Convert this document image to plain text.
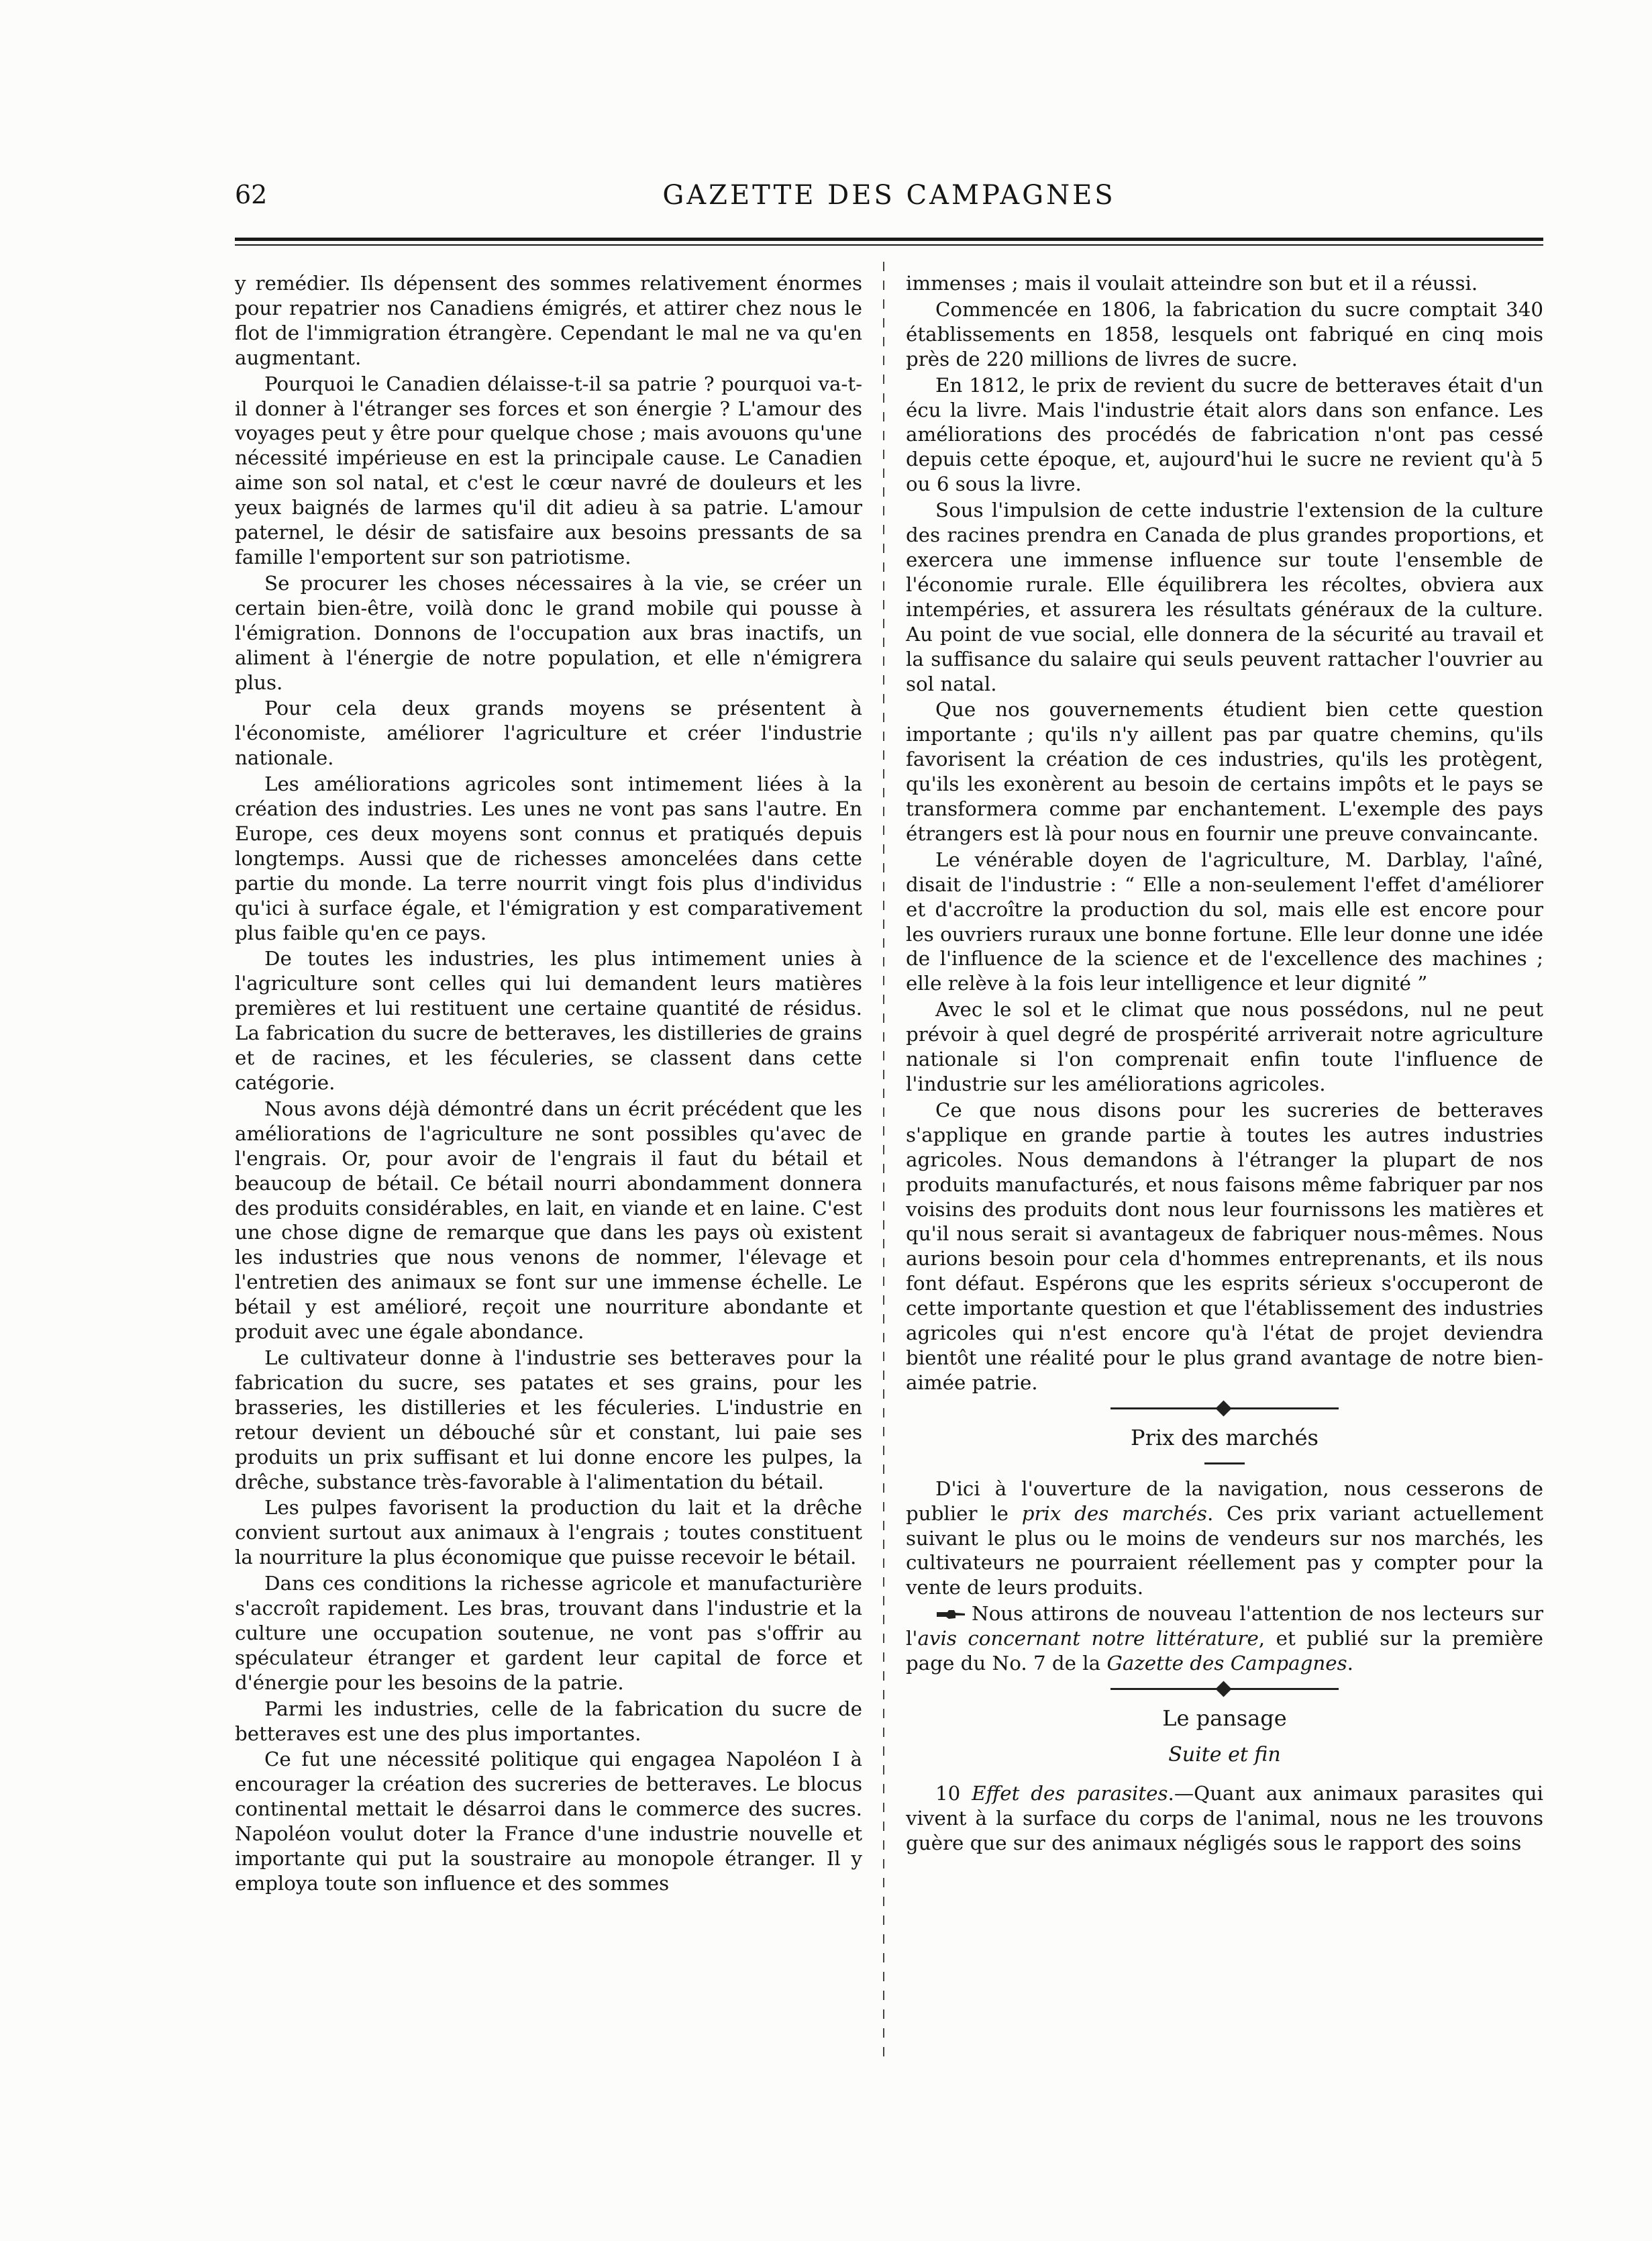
GAZETTE DES CAMPAGNES
62

y remédier. Ils dépensent des sommes relativement énormes pour repatrier nos Canadiens émigrés, et attirer chez nous le flot de l'immigration étrangère. Cependant le mal ne va qu'en augmentant.

Pourquoi le Canadien délaisse-t-il sa patrie ? pourquoi va-t-il donner à l'étranger ses forces et son énergie ? L'amour des voyages peut y être pour quelque chose ; mais avouons qu'une nécessité impérieuse en est la principale cause. Le Canadien aime son sol natal, et c'est le cœur navré de douleurs et les yeux baignés de larmes qu'il dit adieu à sa patrie. L'amour paternel, le désir de satisfaire aux besoins pressants de sa famille l'emportent sur son patriotisme.

Se procurer les choses nécessaires à la vie, se créer un certain bien-être, voilà donc le grand mobile qui pousse à l'émigration. Donnons de l'occupation aux bras inactifs, un aliment à l'énergie de notre population, et elle n'émigrera plus.

Pour cela deux grands moyens se présentent à l'économiste, améliorer l'agriculture et créer l'industrie nationale.

Les améliorations agricoles sont intimement liées à la création des industries. Les unes ne vont pas sans l'autre. En Europe, ces deux moyens sont connus et pratiqués depuis longtemps. Aussi que de richesses amoncelées dans cette partie du monde. La terre nourrit vingt fois plus d'individus qu'ici à surface égale, et l'émigration y est comparativement plus faible qu'en ce pays.

De toutes les industries, les plus intimement unies à l'agriculture sont celles qui lui demandent leurs matières premières et lui restituent une certaine quantité de résidus. La fabrication du sucre de betteraves, les distilleries de grains et de racines, et les féculeries, se classent dans cette catégorie.

Nous avons déjà démontré dans un écrit précédent que les améliorations de l'agriculture ne sont possibles qu'avec de l'engrais. Or, pour avoir de l'engrais il faut du bétail et beaucoup de bétail. Ce bétail nourri abondamment donnera des produits considérables, en lait, en viande et en laine. C'est une chose digne de remarque que dans les pays où existent les industries que nous venons de nommer, l'élevage et l'entretien des animaux se font sur une immense échelle. Le bétail y est amélioré, reçoit une nourriture abondante et produit avec une égale abondance.

Le cultivateur donne à l'industrie ses betteraves pour la fabrication du sucre, ses patates et ses grains, pour les brasseries, les distilleries et les féculeries. L'industrie en retour devient un débouché sûr et constant, lui paie ses produits un prix suffisant et lui donne encore les pulpes, la drêche, substance très-favorable à l'alimentation du bétail.

Les pulpes favorisent la production du lait et la drêche convient surtout aux animaux à l'engrais ; toutes constituent la nourriture la plus économique que puisse recevoir le bétail.

Dans ces conditions la richesse agricole et manufacturière s'accroît rapidement. Les bras, trouvant dans l'industrie et la culture une occupation soutenue, ne vont pas s'offrir au spéculateur étranger et gardent leur capital de force et d'énergie pour les besoins de la patrie.

Parmi les industries, celle de la fabrication du sucre de betteraves est une des plus importantes.

Ce fut une nécessité politique qui engagea Napoléon I à encourager la création des sucreries de betteraves. Le blocus continental mettait le désarroi dans le commerce des sucres. Napoléon voulut doter la France d'une industrie nouvelle et importante qui put la soustraire au monopole étranger. Il y employa toute son influence et des sommes

immenses ; mais il voulait atteindre son but et il a réussi.

Commencée en 1806, la fabrication du sucre comptait 340 établissements en 1858, lesquels ont fabriqué en cinq mois près de 220 millions de livres de sucre.

En 1812, le prix de revient du sucre de betteraves était d'un écu la livre. Mais l'industrie était alors dans son enfance. Les améliorations des procédés de fabrication n'ont pas cessé depuis cette époque, et, aujourd'hui le sucre ne revient qu'à 5 ou 6 sous la livre.

Sous l'impulsion de cette industrie l'extension de la culture des racines prendra en Canada de plus grandes proportions, et exercera une immense influence sur toute l'ensemble de l'économie rurale. Elle équilibrera les récoltes, obviera aux intempéries, et assurera les résultats généraux de la culture. Au point de vue social, elle donnera de la sécurité au travail et la suffisance du salaire qui seuls peuvent rattacher l'ouvrier au sol natal.

Que nos gouvernements étudient bien cette question importante ; qu'ils n'y aillent pas par quatre chemins, qu'ils favorisent la création de ces industries, qu'ils les protègent, qu'ils les exonèrent au besoin de certains impôts et le pays se transformera comme par enchantement. L'exemple des pays étrangers est là pour nous en fournir une preuve convaincante.

Le vénérable doyen de l'agriculture, M. Darblay, l'aîné, disait de l'industrie : “ Elle a non-seulement l'effet d'améliorer et d'accroître la production du sol, mais elle est encore pour les ouvriers ruraux une bonne fortune. Elle leur donne une idée de l'influence de la science et de l'excellence des machines ; elle relève à la fois leur intelligence et leur dignité ”

Avec le sol et le climat que nous possédons, nul ne peut prévoir à quel degré de prospérité arriverait notre agriculture nationale si l'on comprenait enfin toute l'influence de l'industrie sur les améliorations agricoles.

Ce que nous disons pour les sucreries de betteraves s'applique en grande partie à toutes les autres industries agricoles. Nous demandons à l'étranger la plupart de nos produits manufacturés, et nous faisons même fabriquer par nos voisins des produits dont nous leur fournissons les matières et qu'il nous serait si avantageux de fabriquer nous-mêmes. Nous aurions besoin pour cela d'hommes entreprenants, et ils nous font défaut. Espérons que les esprits sérieux s'occuperont de cette importante question et que l'établissement des industries agricoles qui n'est encore qu'à l'état de projet deviendra bientôt une réalité pour le plus grand avantage de notre bien-aimée patrie.

Prix des marchés

D'ici à l'ouverture de la navigation, nous cesserons de publier le prix des marchés. Ces prix variant actuellement suivant le plus ou le moins de vendeurs sur nos marchés, les cultivateurs ne pourraient réellement pas y compter pour la vente de leurs produits.

Nous attirons de nouveau l'attention de nos lecteurs sur l'avis concernant notre littérature, et publié sur la première page du No. 7 de la Gazette des Campagnes.

Le pansage
Suite et fin

10 Effet des parasites.—Quant aux animaux parasites qui vivent à la surface du corps de l'animal, nous ne les trouvons guère que sur des animaux négligés sous le rapport des soins
